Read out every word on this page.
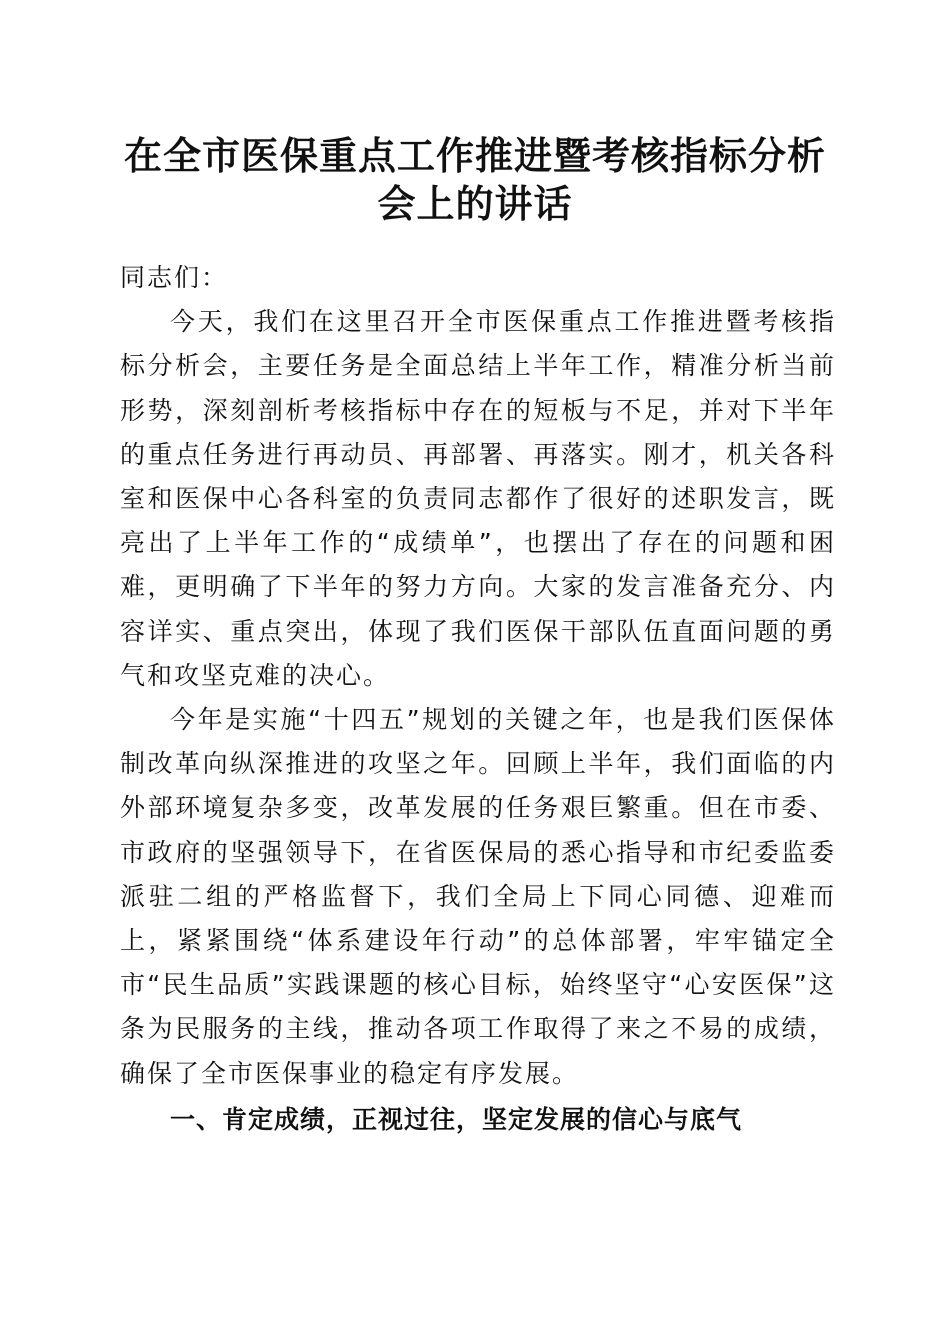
在全市医保重点工作推进暨考核指标分析会上的讲话

同志们：

今天，我们在这里召开全市医保重点工作推进暨考核指标分析会，主要任务是全面总结上半年工作，精准分析当前形势，深刻剖析考核指标中存在的短板与不足，并对下半年的重点任务进行再动员、再部署、再落实。刚才，机关各科室和医保中心各科室的负责同志都作了很好的述职发言，既亮出了上半年工作的“成绩单”，也摆出了存在的问题和困难，更明确了下半年的努力方向。大家的发言准备充分、内容详实、重点突出，体现了我们医保干部队伍直面问题的勇气和攻坚克难的决心。

今年是实施“十四五”规划的关键之年，也是我们医保体制改革向纵深推进的攻坚之年。回顾上半年，我们面临的内外部环境复杂多变，改革发展的任务艰巨繁重。但在市委、市政府的坚强领导下，在省医保局的悉心指导和市纪委监委派驻二组的严格监督下，我们全局上下同心同德、迎难而上，紧紧围绕“体系建设年行动”的总体部署，牢牢锚定全市“民生品质”实践课题的核心目标，始终坚守“心安医保”这条为民服务的主线，推动各项工作取得了来之不易的成绩，确保了全市医保事业的稳定有序发展。

一、肯定成绩，正视过往，坚定发展的信心与底气
